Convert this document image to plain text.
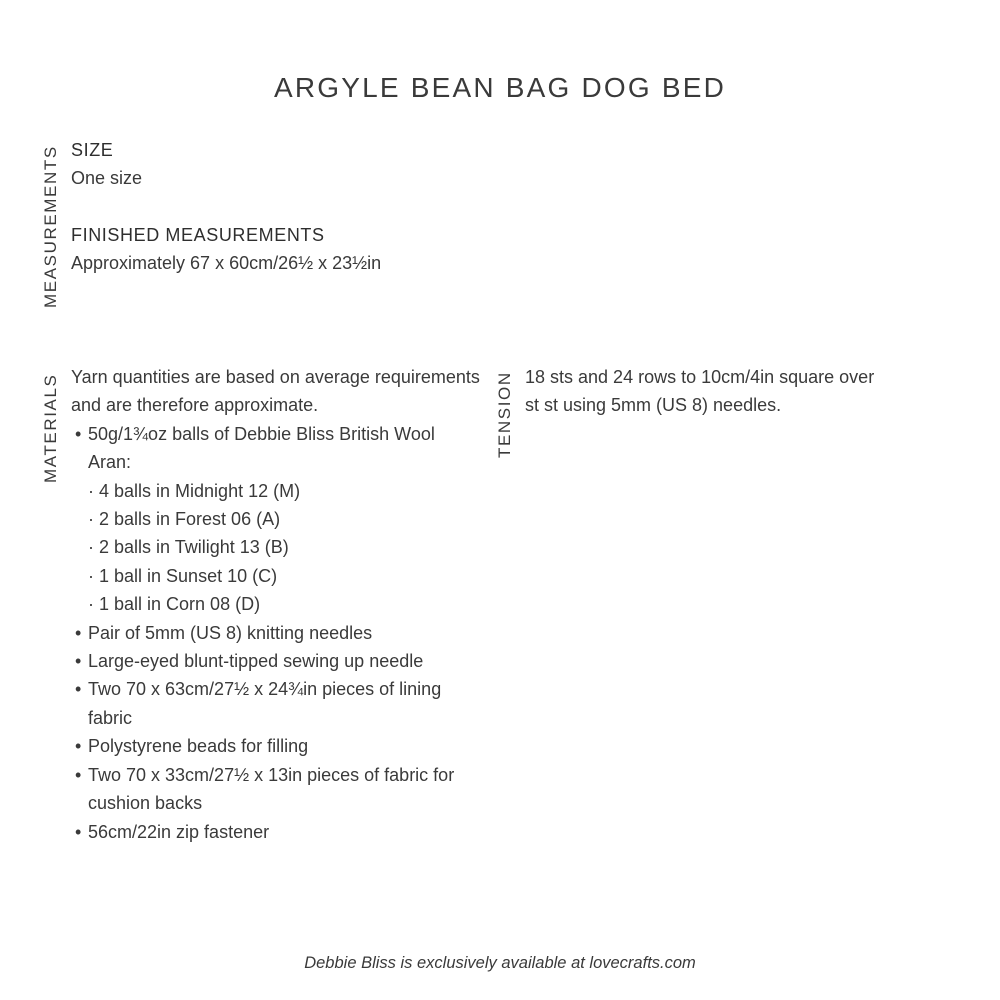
ARGYLE BEAN BAG DOG BED
MEASUREMENTS
MATERIALS	TENSION
SIZE
One size
FINISHED MEASUREMENTS
Approximately 67 x 60cm/26½ x 23½in
Yarn quantities are based on average requirements and are therefore approximate.
• 50g/1¾oz balls of Debbie Bliss British Wool Aran:
· 4 balls in Midnight 12 (M)
· 2 balls in Forest 06 (A)
· 2 balls in Twilight 13 (B)
· 1 ball in Sunset 10 (C)
· 1 ball in Corn 08 (D)
• Pair of 5mm (US 8) knitting needles
• Large-eyed blunt-tipped sewing up needle
• Two 70 x 63cm/27½ x 24¾in pieces of lining fabric
• Polystyrene beads for filling
• Two 70 x 33cm/27½ x 13in pieces of fabric for cushion backs
• 56cm/22in zip fastener
18 sts and 24 rows to 10cm/4in square over st st using 5mm (US 8) needles.
Debbie Bliss is exclusively available at lovecrafts.com
